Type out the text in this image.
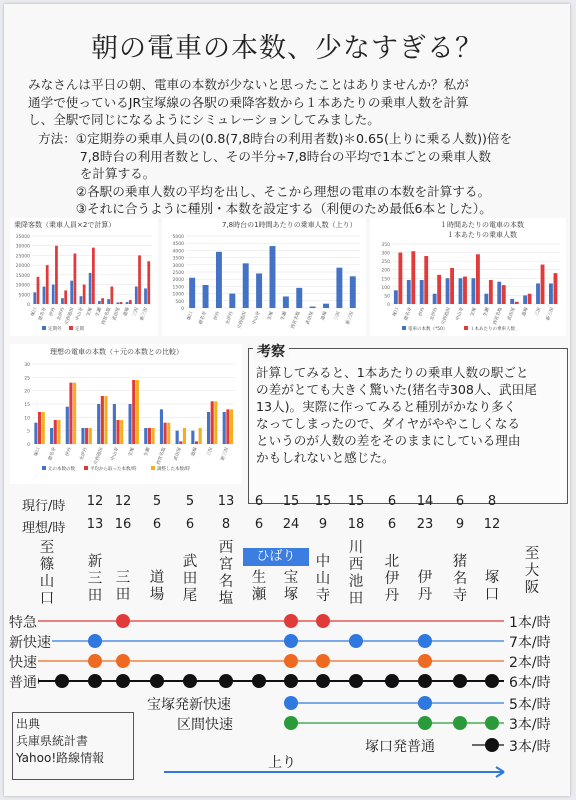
朝の電車の本数、少なすぎる？
みなさんは平日の朝、電車の本数が少ないと思ったことはありませんか？私が
通学で使っているJR宝塚線の各駅の乗降客数から１本あたりの乗車人数を計算
し、全駅で同じになるようにシミュレーションしてみました。
方法：①定期券の乗車人員の(0.8(7,8時台の利用者数)＊0.65(上りに乗る人数))倍を
　　　 7,8時台の利用者数とし、その半分÷7,8時台の平均で1本ごとの乗車人数
　　　 を計算する。
　　　②各駅の乗車人数の平均を出し、そこから理想の電車の本数を計算する。
　　　③それに合うように種別・本数を設定する（利便のため最低6本とした）。
乗降客数（乗車人員×2で計算）
0
5000
10000
15000
20000
25000
30000
35000
塚口 猪名寺 伊丹 北伊丹
川西池田 中山寺 宝塚 生瀬
西宮名塩 武田尾 道場 三田 新三田
定期外	定期
7,8時台の1時間あたりの乗車人数（上り）
0
500
1000
1500
2000
2500
3000
3500
4000
4500
5000
塚口 猪名寺	伊丹 北伊丹 川西池田 中山寺	宝塚	生瀬 西宮名塩 武田尾	道場	三田 新三田
１時間あたりの電車の本数
１本あたりの乗車人数
0
50
100
150
200
250
300
350
塚口 猪名寺	伊丹 北伊丹 川西池田 中山寺	宝塚	生瀬 西宮名塩 武田尾	道場	三田 新三田
電車の本数（*50）	１本あたりの乗車人数
理想の電車の本数（＋元の本数との比較）
0
5
10
15
20
25
30
塚口	猪名寺	伊丹	北伊丹	川西池田	中山寺	宝塚	生瀬	西宮名塩	武田尾	道場	三田	新三田
元の本数の数	平均から取った本数/時	調整した本数/時
考察
計算してみると、1本あたりの乗車人数の駅ごと
の差がとても大きく驚いた(猪名寺308人、武田尾
13人)。実際に作ってみると種別がかなり多く
なってしまったので、ダイヤがややこしくなる
というのが人数の差をそのままにしている理由
かもしれないと感じた。
現行/時
理想/時
12 12	5	5	13	6	15	15	15	6	14	6	8
13 16	6	6	8	6	24	9	18	6	23	9	12
至篠山口
至大阪
新三田
三田
道場
武田尾
西宮名塩
生瀬
宝塚
中山寺
川西池田
北伊丹
伊丹
猪名寺
塚口
特急	1本/時
新快速	7本/時
快速	2本/時
普通	6本/時
宝塚発新快速	5本/時
区間快速	3本/時
塚口発普通	3本/時
上り
ひばり
出典
兵庫県統計書
Yahoo!路線情報
